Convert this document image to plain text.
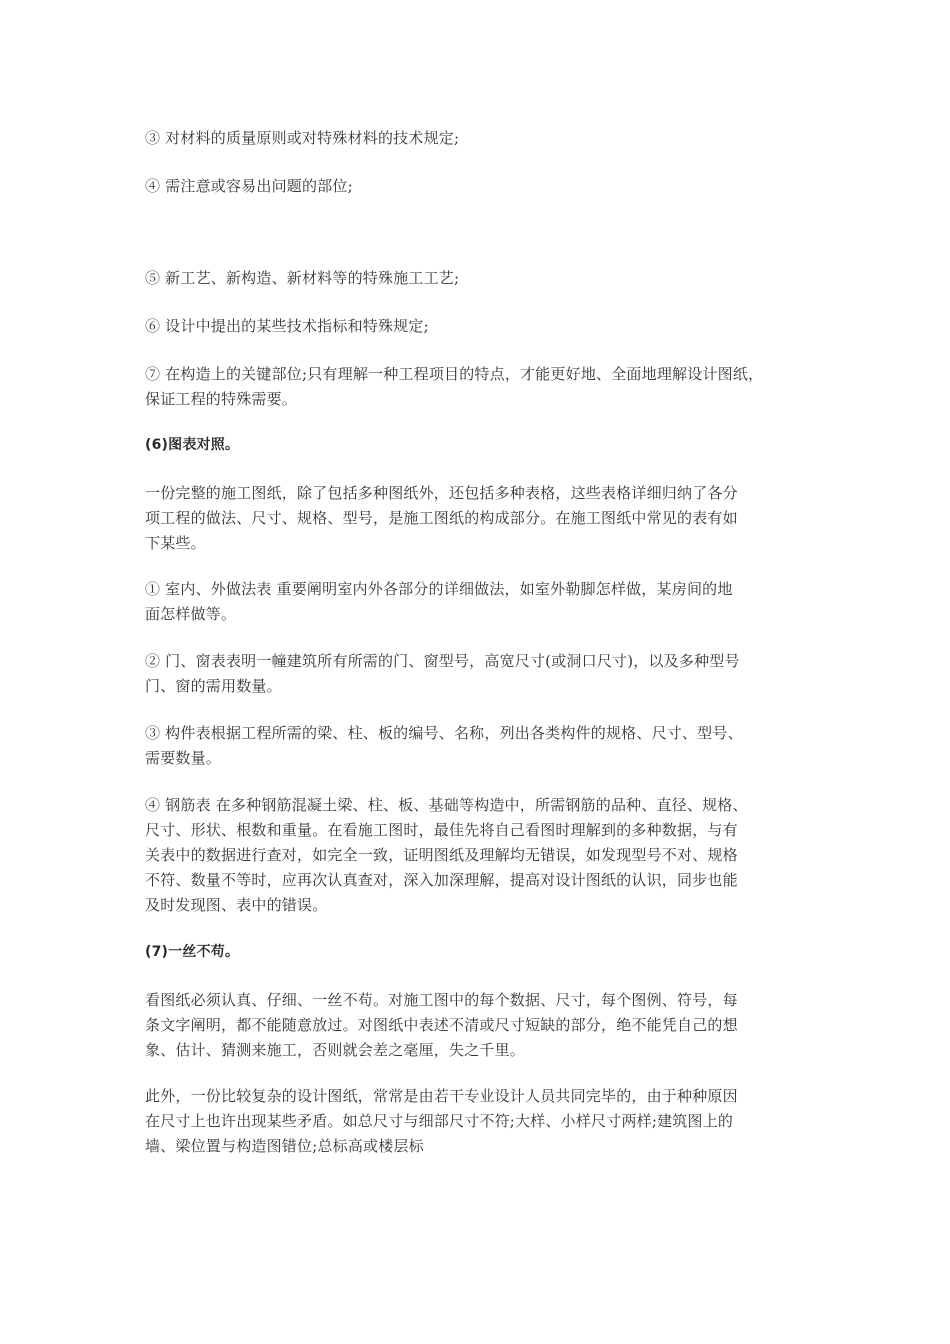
③ 对材料的质量原则或对特殊材料的技术规定;
④ 需注意或容易出问题的部位;
⑤ 新工艺、新构造、新材料等的特殊施工工艺;
⑥ 设计中提出的某些技术指标和特殊规定;
⑦ 在构造上的关键部位;只有理解一种工程项目的特点，才能更好地、全面地理解设计图纸，
保证工程的特殊需要。
(6)图表对照。
一份完整的施工图纸，除了包括多种图纸外，还包括多种表格，这些表格详细归纳了各分
项工程的做法、尺寸、规格、型号，是施工图纸的构成部分。在施工图纸中常见的表有如
下某些。
① 室内、外做法表 重要阐明室内外各部分的详细做法，如室外勒脚怎样做，某房间的地
面怎样做等。
② 门、窗表表明一幢建筑所有所需的门、窗型号，高宽尺寸(或洞口尺寸)，以及多种型号
门、窗的需用数量。
③ 构件表根据工程所需的梁、柱、板的编号、名称，列出各类构件的规格、尺寸、型号、
需要数量。
④ 钢筋表 在多种钢筋混凝土梁、柱、板、基础等构造中，所需钢筋的品种、直径、规格、
尺寸、形状、根数和重量。在看施工图时，最佳先将自己看图时理解到的多种数据，与有
关表中的数据进行查对，如完全一致，证明图纸及理解均无错误，如发现型号不对、规格
不符、数量不等时，应再次认真查对，深入加深理解，提高对设计图纸的认识，同步也能
及时发现图、表中的错误。
(7)一丝不苟。
看图纸必须认真、仔细、一丝不苟。对施工图中的每个数据、尺寸，每个图例、符号，每
条文字阐明，都不能随意放过。对图纸中表述不清或尺寸短缺的部分，绝不能凭自己的想
象、估计、猜测来施工，否则就会差之毫厘，失之千里。
此外，一份比较复杂的设计图纸，常常是由若干专业设计人员共同完毕的，由于种种原因
在尺寸上也许出现某些矛盾。如总尺寸与细部尺寸不符;大样、小样尺寸两样;建筑图上的
墙、梁位置与构造图错位;总标高或楼层标
